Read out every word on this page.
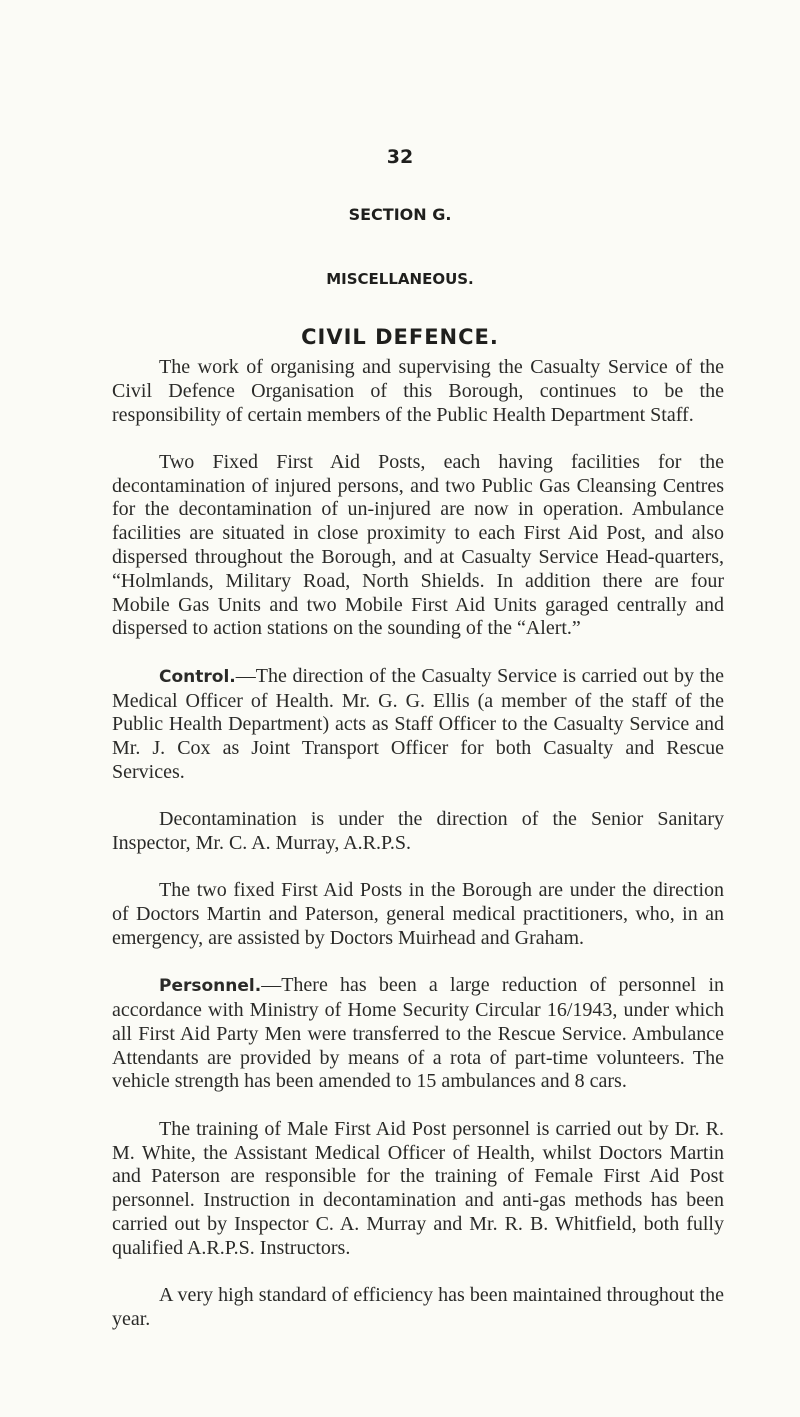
32
SECTION G.
MISCELLANEOUS.
CIVIL DEFENCE.

The work of organising and supervising the Casualty Service of the Civil Defence Organisation of this Borough, continues to be the responsibility of certain members of the Public Health Department Staff.

Two Fixed First Aid Posts, each having facilities for the decontamination of injured persons, and two Public Gas Cleansing Centres for the decontamination of un-injured are now in operation. Ambulance facilities are situated in close proximity to each First Aid Post, and also dispersed throughout the Borough, and at Casualty Service Head-quarters, “Holmlands, Military Road, North Shields. In addition there are four Mobile Gas Units and two Mobile First Aid Units garaged centrally and dispersed to action stations on the sounding of the “Alert.”

Control.—The direction of the Casualty Service is carried out by the Medical Officer of Health. Mr. G. G. Ellis (a member of the staff of the Public Health Department) acts as Staff Officer to the Casualty Service and Mr. J. Cox as Joint Transport Officer for both Casualty and Rescue Services.

Decontamination is under the direction of the Senior Sanitary Inspector, Mr. C. A. Murray, A.R.P.S.

The two fixed First Aid Posts in the Borough are under the direction of Doctors Martin and Paterson, general medical practitioners, who, in an emergency, are assisted by Doctors Muirhead and Graham.

Personnel.—There has been a large reduction of personnel in accordance with Ministry of Home Security Circular 16/1943, under which all First Aid Party Men were transferred to the Rescue Service. Ambulance Attendants are provided by means of a rota of part-time volunteers. The vehicle strength has been amended to 15 ambulances and 8 cars.

The training of Male First Aid Post personnel is carried out by Dr. R. M. White, the Assistant Medical Officer of Health, whilst Doctors Martin and Paterson are responsible for the training of Female First Aid Post personnel. Instruction in decontamination and anti-gas methods has been carried out by Inspector C. A. Murray and Mr. R. B. Whitfield, both fully qualified A.R.P.S. Instructors.

A very high standard of efficiency has been maintained throughout the year.
